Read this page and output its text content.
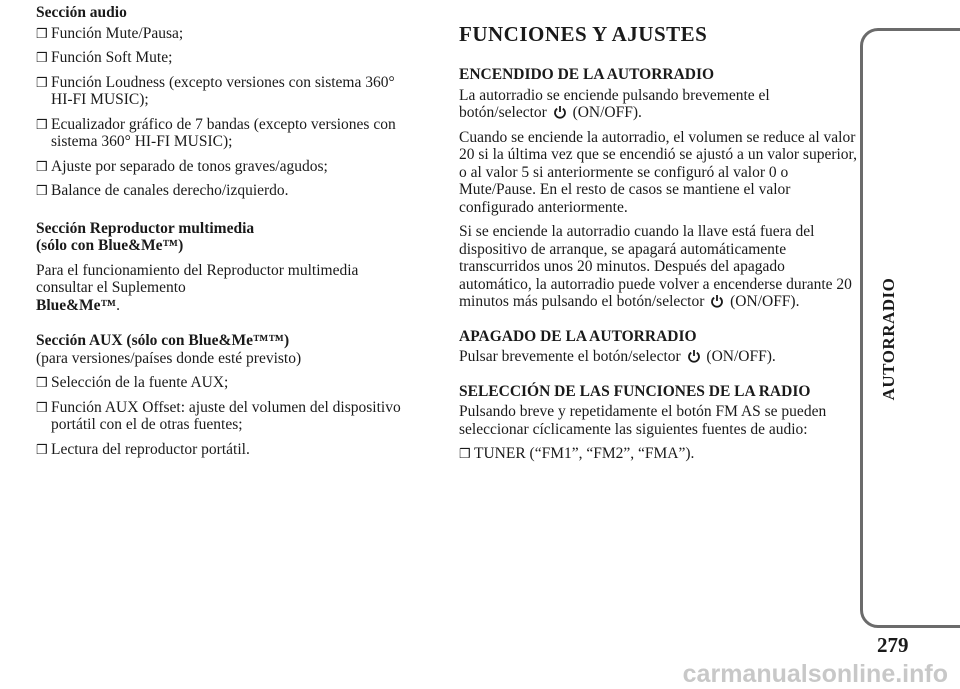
Sección audio
❒ Función Mute/Pausa;
❒ Función Soft Mute;
❒ Función Loudness (excepto versiones con sistema 360° HI-FI MUSIC);
❒ Ecualizador gráfico de 7 bandas (excepto versiones con sistema 360° HI-FI MUSIC);
❒ Ajuste por separado de tonos graves/agudos;
❒ Balance de canales derecho/izquierdo.
Sección Reproductor multimedia
(sólo con Blue&Me™)

Para el funcionamiento del Reproductor multimedia consultar el Suplemento
Blue&Me™.

Sección AUX (sólo con Blue&Me™™)

(para versiones/países donde esté previsto)

❒ Selección de la fuente AUX;
❒ Función AUX Offset: ajuste del volumen del dispositivo portátil con el de otras fuentes;
❒ Lectura del reproductor portátil.
FUNCIONES Y AJUSTES
ENCENDIDO DE LA AUTORRADIO

La autorradio se enciende pulsando brevemente el botón/selector (ON/OFF).

Cuando se enciende la autorradio, el volumen se reduce al valor 20 si la última vez que se encendió se ajustó a un valor superior, o al valor 5 si anteriormente se configuró al valor 0 o Mute/Pause. En el resto de casos se mantiene el valor configurado anteriormente.

Si se enciende la autorradio cuando la llave está fuera del dispositivo de arranque, se apagará automáticamente transcurridos unos 20 minutos. Después del apagado automático, la autorradio puede volver a encenderse durante 20 minutos más pulsando el botón/selector (ON/OFF).

APAGADO DE LA AUTORRADIO

Pulsar brevemente el botón/selector (ON/OFF).

SELECCIÓN DE LAS FUNCIONES DE LA RADIO

Pulsando breve y repetidamente el botón FM AS se pueden seleccionar cíclicamente las siguientes fuentes de audio:

❒ TUNER (“FM1”, “FM2”, “FMA”).
AUTORRADIO
279
carmanualsonline.info
